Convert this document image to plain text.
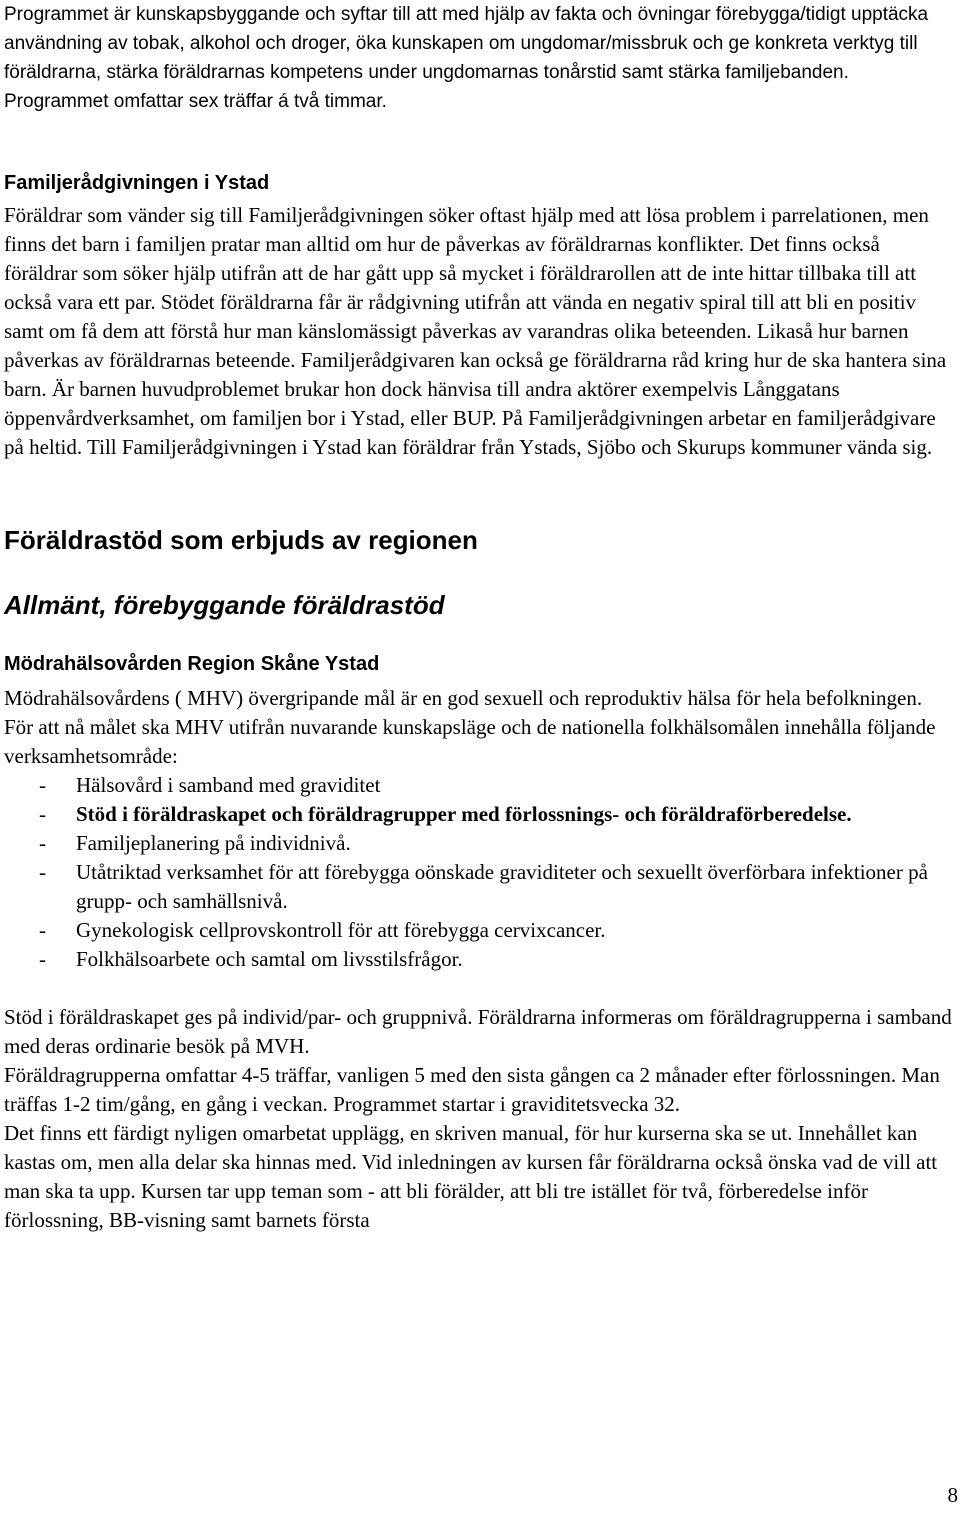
Programmet är kunskapsbyggande och syftar till att med hjälp av fakta och övningar förebygga/tidigt upptäcka användning av tobak, alkohol och droger, öka kunskapen om ungdomar/missbruk och ge konkreta verktyg till föräldrarna, stärka föräldrarnas kompetens under ungdomarnas tonårstid samt stärka familjebanden. Programmet omfattar sex träffar á två timmar.

Familjerådgivningen i Ystad

Föräldrar som vänder sig till Familjerådgivningen söker oftast hjälp med att lösa problem i parrelationen, men finns det barn i familjen pratar man alltid om hur de påverkas av föräldrarnas konflikter. Det finns också föräldrar som söker hjälp utifrån att de har gått upp så mycket i föräldrarollen att de inte hittar tillbaka till att också vara ett par. Stödet föräldrarna får är rådgivning utifrån att vända en negativ spiral till att bli en positiv samt om få dem att förstå hur man känslomässigt påverkas av varandras olika beteenden. Likaså hur barnen påverkas av föräldrarnas beteende. Familjerådgivaren kan också ge föräldrarna råd kring hur de ska hantera sina barn. Är barnen huvudproblemet brukar hon dock hänvisa till andra aktörer exempelvis Långgatans öppenvårdverksamhet, om familjen bor i Ystad, eller BUP. På Familjerådgivningen arbetar en familjerådgivare på heltid. Till Familjerådgivningen i Ystad kan föräldrar från Ystads, Sjöbo och Skurups kommuner vända sig.

Föräldrastöd som erbjuds av regionen
Allmänt, förebyggande föräldrastöd
Mödrahälsovården Region Skåne Ystad

Mödrahälsovårdens ( MHV) övergripande mål är en god sexuell och reproduktiv hälsa för hela befolkningen.

För att nå målet ska MHV utifrån nuvarande kunskapsläge och de nationella folkhälsomålen innehålla följande verksamhetsområde:

- Hälsovård i samband med graviditet
- Stöd i föräldraskapet och föräldragrupper med förlossnings- och föräldraförberedelse.
- Familjeplanering på individnivå.
- Utåtriktad verksamhet för att förebygga oönskade graviditeter och sexuellt överförbara infektioner på grupp- och samhällsnivå.
- Gynekologisk cellprovskontroll för att förebygga cervixcancer.
- Folkhälsoarbete och samtal om livsstilsfrågor.

Stöd i föräldraskapet ges på individ/par- och gruppnivå. Föräldrarna informeras om föräldragrupperna i samband med deras ordinarie besök på MVH.

Föräldragrupperna omfattar 4-5 träffar, vanligen 5 med den sista gången ca 2 månader efter förlossningen. Man träffas 1-2 tim/gång, en gång i veckan. Programmet startar i graviditetsvecka 32.

Det finns ett färdigt nyligen omarbetat upplägg, en skriven manual, för hur kurserna ska se ut. Innehållet kan kastas om, men alla delar ska hinnas med. Vid inledningen av kursen får föräldrarna också önska vad de vill att man ska ta upp. Kursen tar upp teman som - att bli förälder, att bli tre istället för två, förberedelse inför förlossning, BB-visning samt barnets första

8
